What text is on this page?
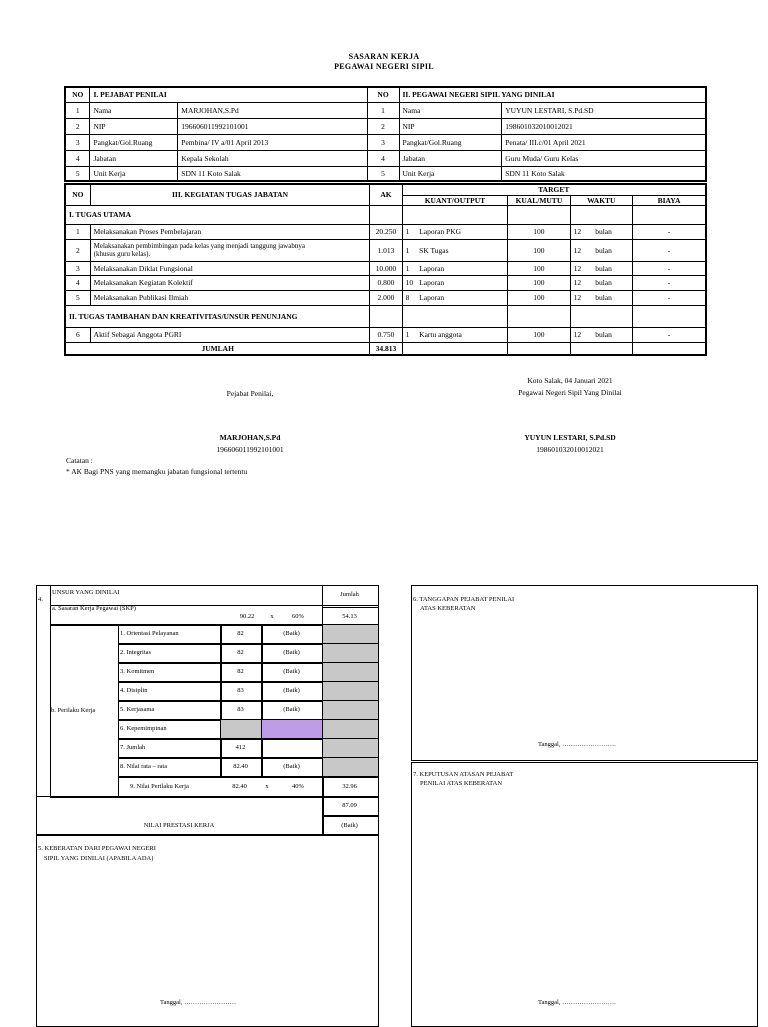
SASARAN KERJA
PEGAWAI NEGERI SIPIL
NO	I. PEJABAT PENILAI		NO	II. PEGAWAI NEGERI SIPIL YANG DINILAI	
1	Nama	MARJOHAN,S.Pd	1	Nama	YUYUN LESTARI, S.Pd.SD
2	NIP	196606011992101001	2	NIP	198601032010012021
3	Pangkat/Gol.Ruang	Pembina/ IV a/01 April 2013	3	Pangkat/Gol.Ruang	Penata/ III.c/01 April 2021
4	Jabatan	Kepala Sekolah	4	Jabatan	Guru Muda/ Guru Kelas
5	Unit Kerja	SDN 11 Koto Salak	5	Unit Kerja	SDN 11 Koto Salak
NO	III. KEGIATAN TUGAS JABATAN	AK	TARGET					
			KUANT/OUTPUT		KUAL/MUTU	WAKTU		BIAYA
I. TUGAS UTAMA								
1	Melaksanakan Proses Pembelajaran	20.250	1	Laporan PKG	100	12	bulan	-
2	Melaksanakan pembimbingan pada kelas yang menjadi tanggung jawabnya
(khusus guru kelas).	1.013	1	SK Tugas	100	12	bulan	-
3	Melaksanakan Diklat Fungsional	10.000	1	Laporan	100	12	bulan	-
4	Melaksanakan Kegiatan Kolektif	0.800	10	Laporan	100	12	bulan	-
5	Melaksanakan Publikasi Ilmiah	2.000	8	Laporan	100	12	bulan	-
II. TUGAS TAMBAHAN DAN KREATIVITAS/UNSUR PENUNJANG								
6	Aktif Sebagai Anggota PGRI	0.750	1	Kartu anggota	100	12	bulan	-
JUMLAH		34.813						
Koto Salak, 04 Januari 2021
Pejabat Penilai,	Pegawai Negeri Sipil Yang Dinilai
MARJOHAN,S.Pd
196606011992101001
YUYUN LESTARI, S.Pd.SD
198601032010012021
Catatan :
* AK Bagi PNS yang memangku jabatan fungsional tertentu
4.
UNSUR YANG DINILAI	Jumlah
a. Sasaran Kerja Pegawai (SKP)
90.22	x	60%	54.13
b. Perilaku Kerja
1. Orientasi Pelayanan	82	(Baik)
2. Integritas	82	(Baik)
3. Komitmen	82	(Baik)
4. Disiplin	83	(Baik)
5. Kerjasama	83	(Baik)
6. Kepemimpinan
7. Jumlah	412
8. Nilai rata – rata	82.40	(Baik)
9. Nilai Perilaku Kerja	82.40	x	40%	32.96
NILAI PRESTASI KERJA
87.09
(Baik)
5. KEBERATAN DARI PEGAWAI NEGERI
SIPIL YANG DINILAI (APABILA ADA)
Tanggal, ……………………
6. TANGGAPAN PEJABAT PENILAI
ATAS KEBERATAN
Tanggal, …………………….
7. KEPUTUSAN ATASAN PEJABAT
PENILAI ATAS KEBERATAN
Tanggal, …………………….
